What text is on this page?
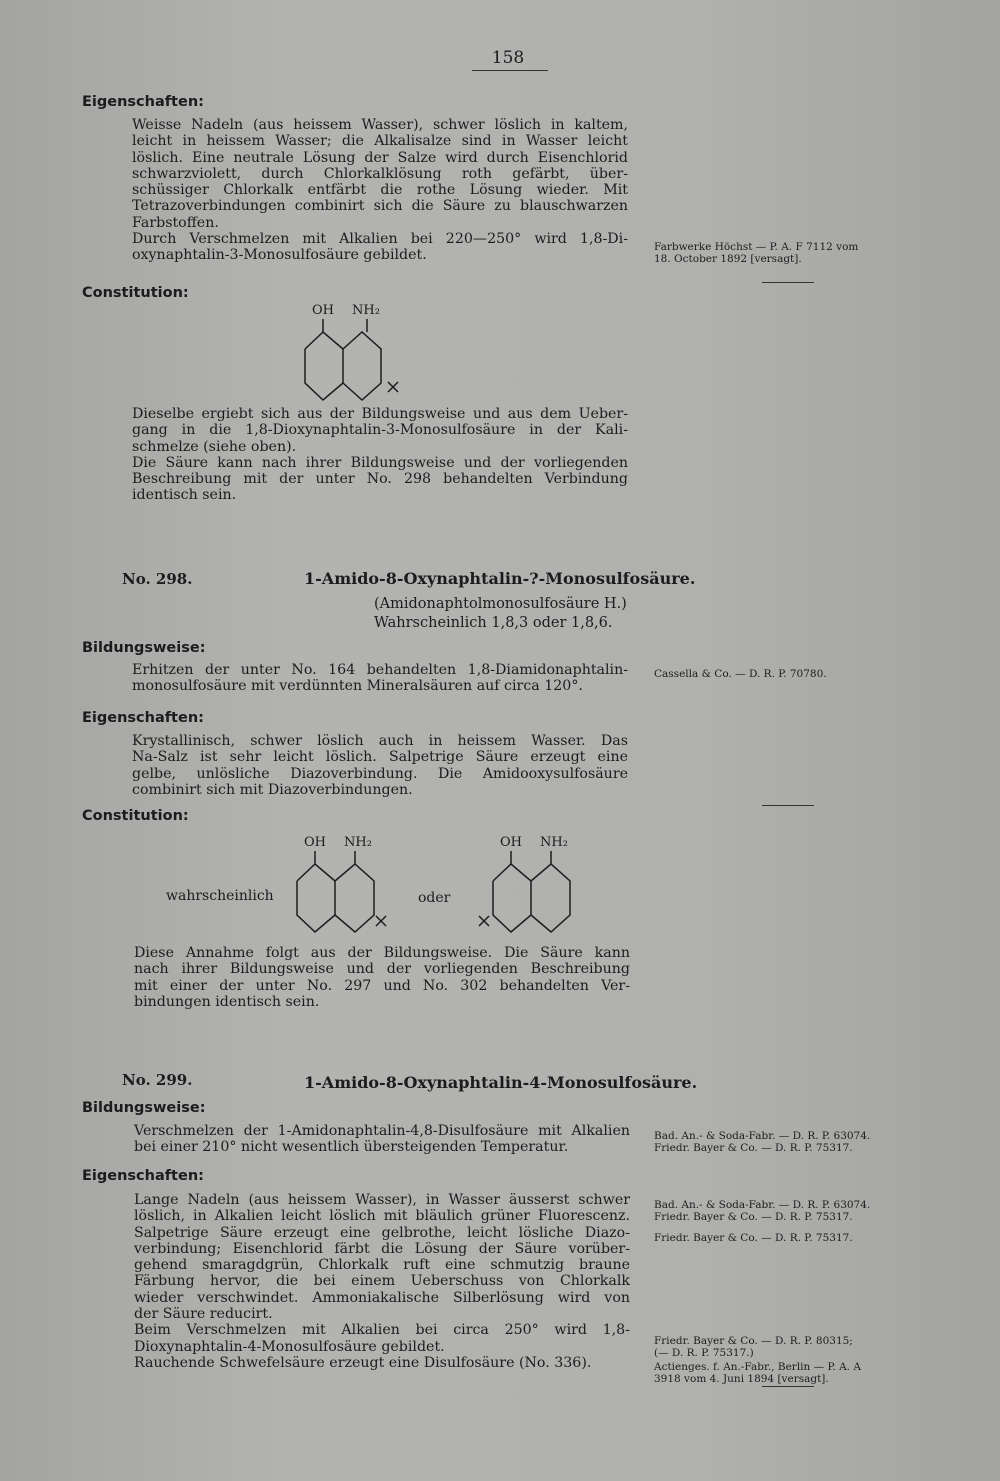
158
Eigenschaften:
Weisse Nadeln (aus heissem Wasser), schwer löslich in kaltem,
leicht in heissem Wasser; die Alkalisalze sind in Wasser leicht
löslich. Eine neutrale Lösung der Salze wird durch Eisenchlorid
schwarzviolett, durch Chlorkalklösung roth gefärbt, über-
schüssiger Chlorkalk entfärbt die rothe Lösung wieder. Mit
Tetrazoverbindungen combinirt sich die Säure zu blauschwarzen
Farbstoffen.
Durch Verschmelzen mit Alkalien bei 220—250° wird 1,8-Di-
oxynaphtalin-3-Monosulfosäure gebildet.
Farbwerke Höchst — P. A. F 7112 vom
18. October 1892 [versagt].
Constitution:
OH NH₂
Dieselbe ergiebt sich aus der Bildungsweise und aus dem Ueber-
gang in die 1,8-Dioxynaphtalin-3-Monosulfosäure in der Kali-
schmelze (siehe oben).
Die Säure kann nach ihrer Bildungsweise und der vorliegenden
Beschreibung mit der unter No. 298 behandelten Verbindung
identisch sein.
No. 298.	1-Amido-8-Oxynaphtalin-?-Monosulfosäure.
(Amidonaphtolmonosulfosäure H.)
Wahrscheinlich 1,8,3 oder 1,8,6.
Bildungsweise:
Erhitzen der unter No. 164 behandelten 1,8-Diamidonaphtalin-
monosulfosäure mit verdünnten Mineralsäuren auf circa 120°.
Cassella & Co. — D. R. P. 70780.
Eigenschaften:
Krystallinisch, schwer löslich auch in heissem Wasser. Das
Na-Salz ist sehr leicht löslich. Salpetrige Säure erzeugt eine
gelbe, unlösliche Diazoverbindung. Die Amidooxysulfosäure
combinirt sich mit Diazoverbindungen.
Constitution:
wahrscheinlich
OH NH₂
oder
OH NH₂
Diese Annahme folgt aus der Bildungsweise. Die Säure kann
nach ihrer Bildungsweise und der vorliegenden Beschreibung
mit einer der unter No. 297 und No. 302 behandelten Ver-
bindungen identisch sein.
No. 299.	1-Amido-8-Oxynaphtalin-4-Monosulfosäure.
Bildungsweise:
Verschmelzen der 1-Amidonaphtalin-4,8-Disulfosäure mit Alkalien
bei einer 210° nicht wesentlich übersteigenden Temperatur.
Bad. An.- & Soda-Fabr. — D. R. P. 63074.
Friedr. Bayer & Co. — D. R. P. 75317.
Eigenschaften:
Lange Nadeln (aus heissem Wasser), in Wasser äusserst schwer
löslich, in Alkalien leicht löslich mit bläulich grüner Fluorescenz.
Salpetrige Säure erzeugt eine gelbrothe, leicht lösliche Diazo-
verbindung; Eisenchlorid färbt die Lösung der Säure vorüber-
gehend smaragdgrün, Chlorkalk ruft eine schmutzig braune
Färbung hervor, die bei einem Ueberschuss von Chlorkalk
wieder verschwindet. Ammoniakalische Silberlösung wird von
der Säure reducirt.
Beim Verschmelzen mit Alkalien bei circa 250° wird 1,8-
Dioxynaphtalin-4-Monosulfosäure gebildet.
Rauchende Schwefelsäure erzeugt eine Disulfosäure (No. 336).
Bad. An.- & Soda-Fabr. — D. R. P. 63074.
Friedr. Bayer & Co. — D. R. P. 75317.
Friedr. Bayer & Co. — D. R. P. 75317.
Friedr. Bayer & Co. — D. R. P. 80315;
(— D. R. P. 75317.)
Actienges. f. An.-Fabr., Berlin — P. A. A
3918 vom 4. Juni 1894 [versagt].
